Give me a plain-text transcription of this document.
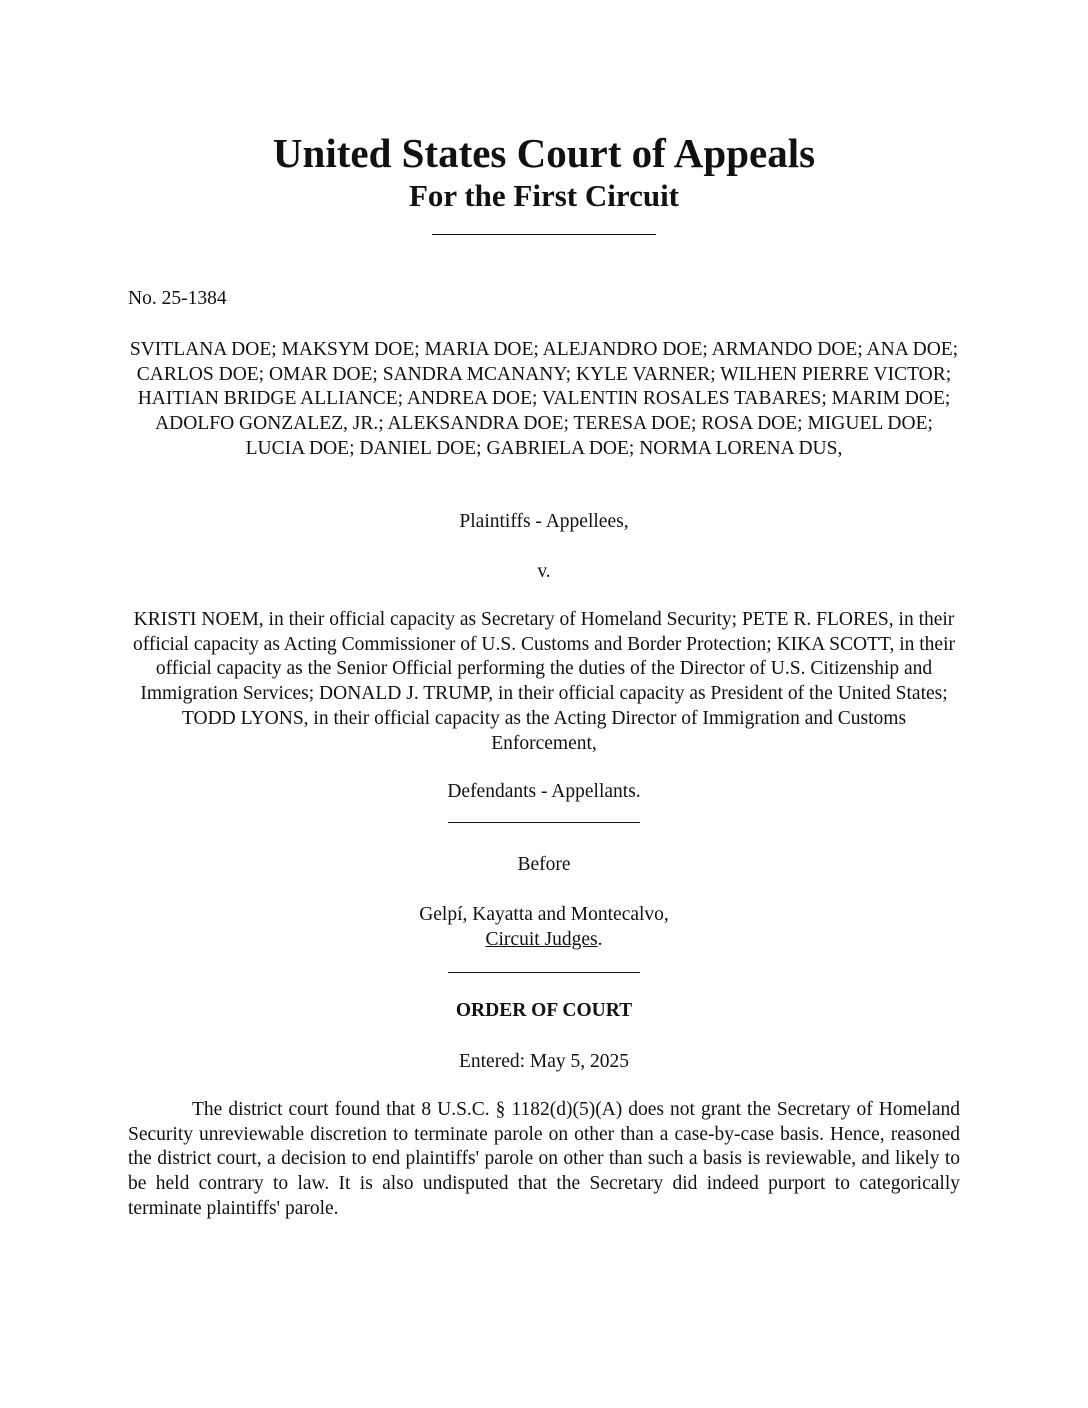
United States Court of Appeals
For the First Circuit
No. 25-1384
SVITLANA DOE; MAKSYM DOE; MARIA DOE; ALEJANDRO DOE; ARMANDO DOE; ANA DOE; CARLOS DOE; OMAR DOE; SANDRA MCANANY; KYLE VARNER; WILHEN PIERRE VICTOR; HAITIAN BRIDGE ALLIANCE; ANDREA DOE; VALENTIN ROSALES TABARES; MARIM DOE; ADOLFO GONZALEZ, JR.; ALEKSANDRA DOE; TERESA DOE; ROSA DOE; MIGUEL DOE; LUCIA DOE; DANIEL DOE; GABRIELA DOE; NORMA LORENA DUS,
Plaintiffs - Appellees,
v.
KRISTI NOEM, in their official capacity as Secretary of Homeland Security; PETE R. FLORES, in their official capacity as Acting Commissioner of U.S. Customs and Border Protection; KIKA SCOTT, in their official capacity as the Senior Official performing the duties of the Director of U.S. Citizenship and Immigration Services; DONALD J. TRUMP, in their official capacity as President of the United States; TODD LYONS, in their official capacity as the Acting Director of Immigration and Customs Enforcement,
Defendants - Appellants.
Before
Gelpí, Kayatta and Montecalvo,
Circuit Judges.
ORDER OF COURT
Entered: May 5, 2025

The district court found that 8 U.S.C. § 1182(d)(5)(A) does not grant the Secretary of Homeland Security unreviewable discretion to terminate parole on other than a case-by-case basis. Hence, reasoned the district court, a decision to end plaintiffs' parole on other than such a basis is reviewable, and likely to be held contrary to law. It is also undisputed that the Secretary did indeed purport to categorically terminate plaintiffs' parole.
